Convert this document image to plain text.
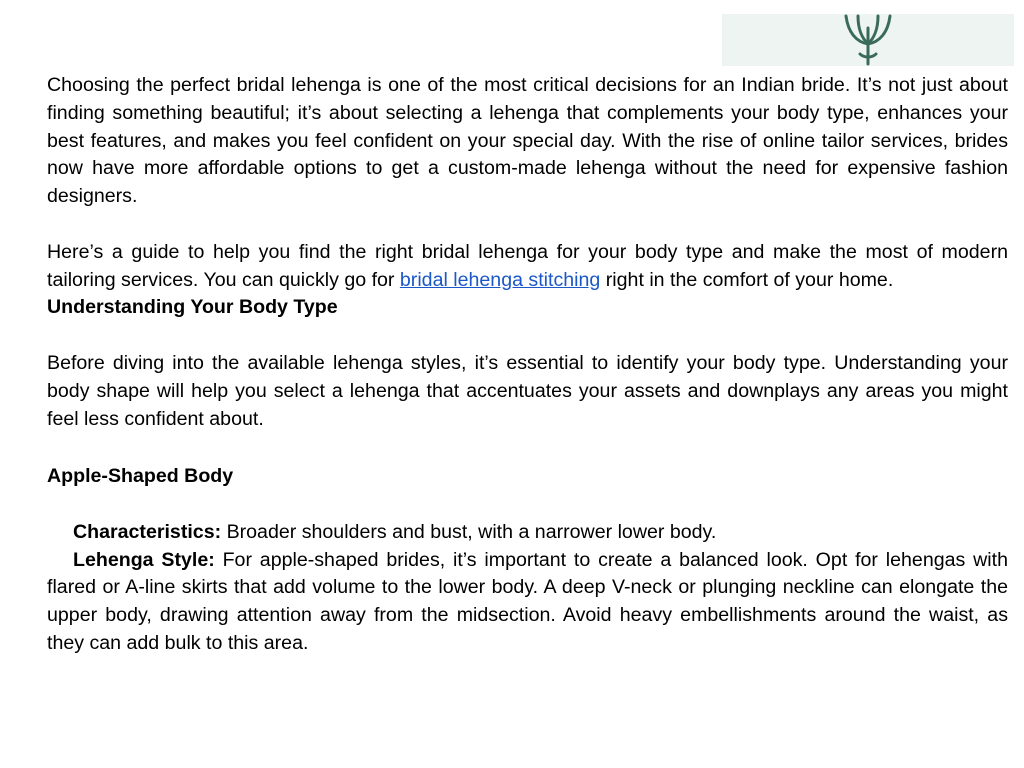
Choosing the perfect bridal lehenga is one of the most critical decisions for an Indian bride. It’s not just about finding something beautiful; it’s about selecting a lehenga that complements your body type, enhances your best features, and makes you feel confident on your special day. With the rise of online tailor services, brides now have more affordable options to get a custom-made lehenga without the need for expensive fashion designers.

Here’s a guide to help you find the right bridal lehenga for your body type and make the most of modern tailoring services. You can quickly go for bridal lehenga stitching right in the comfort of your home.

Understanding Your Body Type

Before diving into the available lehenga styles, it’s essential to identify your body type. Understanding your body shape will help you select a lehenga that accentuates your assets and downplays any areas you might feel less confident about.

Apple-Shaped Body

Characteristics: Broader shoulders and bust, with a narrower lower body.

Lehenga Style: For apple-shaped brides, it’s important to create a balanced look. Opt for lehengas with flared or A-line skirts that add volume to the lower body. A deep V-neck or plunging neckline can elongate the upper body, drawing attention away from the midsection. Avoid heavy embellishments around the waist, as they can add bulk to this area.
